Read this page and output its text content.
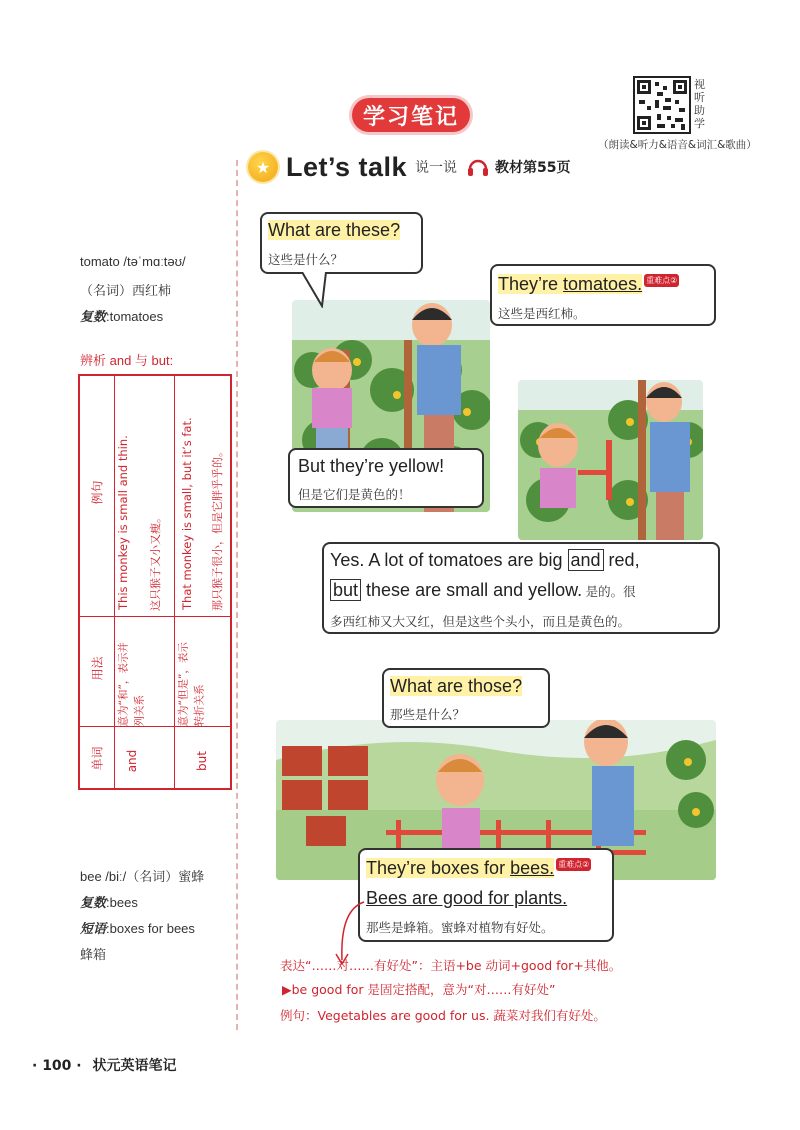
学习笔记
视听助学
（朗读&听力&语音&词汇&歌曲）
★ Let’s talk 说一说	教材第55页
tomato /təˈmɑːtəʊ/
（名词）西红柿
复数:tomatoes
辨析 and 与 but:
例句
用法
单词
This monkey is small and thin. 这只猴子又小又瘦。
意为“和”，表示并 列关系
and
That monkey is small, but it’s fat. 那只猴子很小，但是它胖乎乎的。
意为“但是”，表示 转折关系
but
bee /biː/（名词）蜜蜂
复数:bees
短语:boxes for bees
蜂箱
What are these?
这些是什么？
They’re tomatoes. 重难点②
这些是西红柿。
But they’re yellow!
但是它们是黄色的！
Yes. A lot of tomatoes are big and red,
but these are small and yellow. 是的。很
多西红柿又大又红，但是这些个头小，而且是黄色的。
What are those?
那些是什么？
They’re boxes for bees. 重难点②
Bees are good for plants.
那些是蜂箱。蜜蜂对植物有好处。
表达“……对……有好处”：主语+be 动词+good for+其他。
▶be good for 是固定搭配，意为“对……有好处”
例句：Vegetables are good for us. 蔬菜对我们有好处。
· 100 · 状元英语笔记
